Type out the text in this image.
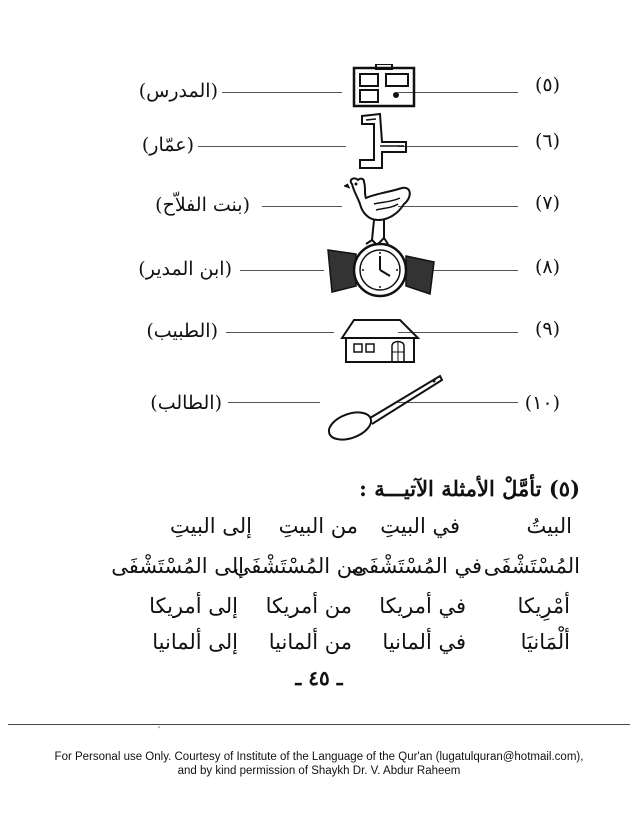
(٥)
(المدرس)
(٦)
(عمّار)
(٧)
(بنت الفلاّح)
(٨)
(ابن المدير)
(٩)
(الطبيب)
(١٠)
(الطالب)
(٥) تأمَّلْ الأمثلة الآتيـــة :
البيتُ
في البيتِ
من البيتِ
إلى البيتِ
المُسْتَشْفَى
في المُسْتَشْفَى
من المُسْتَشْفَى
إلى المُسْتَشْفَى
أمْرِيكا
في أمريكا
من أمريكا
إلى أمريكا
ألْمَانيَا
في ألمانيا
من ألمانيا
إلى ألمانيا
ـ ٤٥ ـ
′
For Personal use Only. Courtesy of Institute of the Language of the Qur'an (lugatulquran@hotmail.com),
and by kind permission of Shaykh Dr. V. Abdur Raheem
